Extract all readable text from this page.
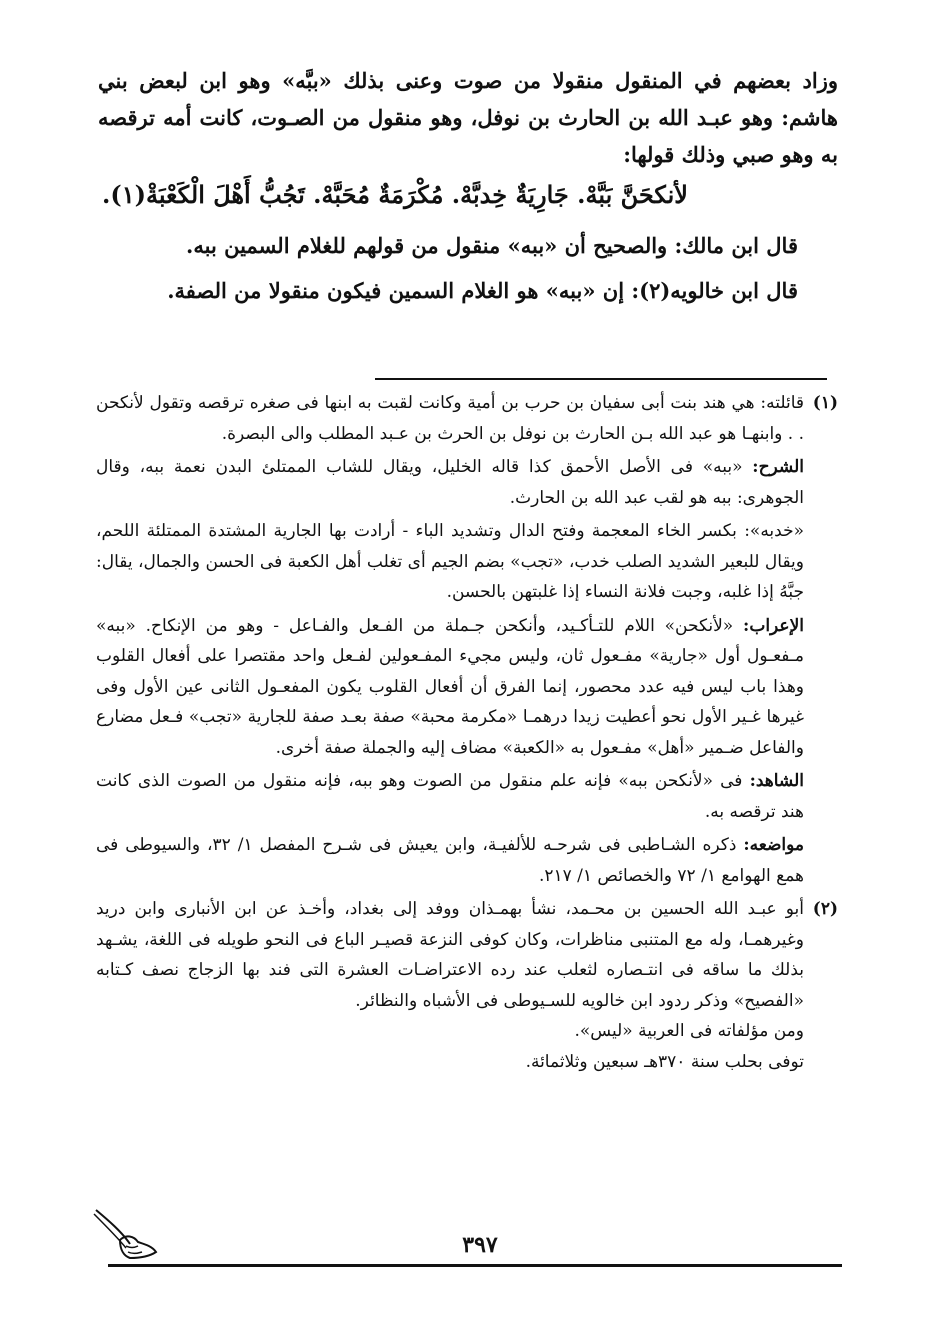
وزاد بعضهم في المنقول منقولا من صوت وعنى بذلك «ببَّه» وهو ابن لبعض بني هاشم: وهو عبـد الله بن الحارث بن نوفل، وهو منقول من الصـوت، كانت أمه ترقصه به وهو صبي وذلك قولها:

لأنكحَنَّ بَبَّهْ. جَارِيَةٌ خِدبَّهْ. مُكْرَمَةٌ مُحَبَّهْ. تَجُبُّ أَهْلَ الْكَعْبَةْ(١).

قال ابن مالك: والصحيح أن «ببه» منقول من قولهم للغلام السمين ببه.

قال ابن خالويه(٢): إن «ببه» هو الغلام السمين فيكون منقولا من الصفة.

(١)

قائلته: هي هند بنت أبى سفيان بن حرب بن أمية وكانت لقبت به ابنها فى صغره ترقصه وتقول لأنكحن . . وابنهـا هو عبد الله بـن الحارث بن نوفل بن الحرث بن عـبد المطلب والى البصرة.

الشرح: «ببه» فى الأصل الأحمق كذا قاله الخليل، ويقال للشاب الممتلئ البدن نعمة ببه، وقال الجوهرى: ببه هو لقب عبد الله بن الحارث.

«خدبه»: بكسر الخاء المعجمة وفتح الدال وتشديد الباء - أرادت بها الجارية المشتدة الممتلئة اللحم، ويقال للبعير الشديد الصلب خدب، «تجب» بضم الجيم أى تغلب أهل الكعبة فى الحسن والجمال، يقال: جبَّهُ إذا غلبه، وجبت فلانة النساء إذا غلبتهن بالحسن.

الإعراب: «لأنكحن» اللام للتـأكـيد، وأنكحن جـملة من الفـعل والفـاعل - وهو من الإنكاح. «ببه» مـفعـول أول «جارية» مفـعول ثان، وليس مجيء المفـعولين لفـعل واحد مقتصرا على أفعال القلوب وهذا باب ليس فيه عدد محصور، إنما الفرق أن أفعال القلوب يكون المفعـول الثانى عين الأول وفى غيرها غـير الأول نحو أعطيت زيدا درهمـا «مكرمة محبة» صفة بعـد صفة للجارية «تجب» فـعل مضارع والفاعل ضـمير «أهل» مفـعول به «الكعبة» مضاف إليه والجملة صفة أخرى.

الشاهد: فى «لأنكحن ببه» فإنه علم منقول من الصوت وهو ببه، فإنه منقول من الصوت الذى كانت هند ترقصه به.

مواضعه: ذكره الشـاطبى فى شرحـه للألفيـة، وابن يعيش فى شـرح المفصل ١/ ٣٢، والسيوطى فى همع الهوامع ١/ ٧٢ والخصائص ١/ ٢١٧.

(٢)

أبو عبـد الله الحسين بن محـمد، نشأ بهمـذان ووفد إلى بغداد، وأخـذ عن ابن الأنبارى وابن دريد وغيرهمـا، وله مع المتنبى مناظرات، وكان كوفى النزعة قصيـر الباع فى النحو طويله فى اللغة، يشـهد بذلك ما ساقه فى انتـصاره لثعلب عند رده الاعتراضـات العشرة التى فند بها الزجاج نصف كـتابه «الفصيح» وذكر ردود ابن خالويه للسـيوطى فى الأشباه والنظائر.

ومن مؤلفاته فى العربية «ليس».

توفى بحلب سنة ٣٧٠هـ سبعين وثلاثمائة.

٣٩٧
